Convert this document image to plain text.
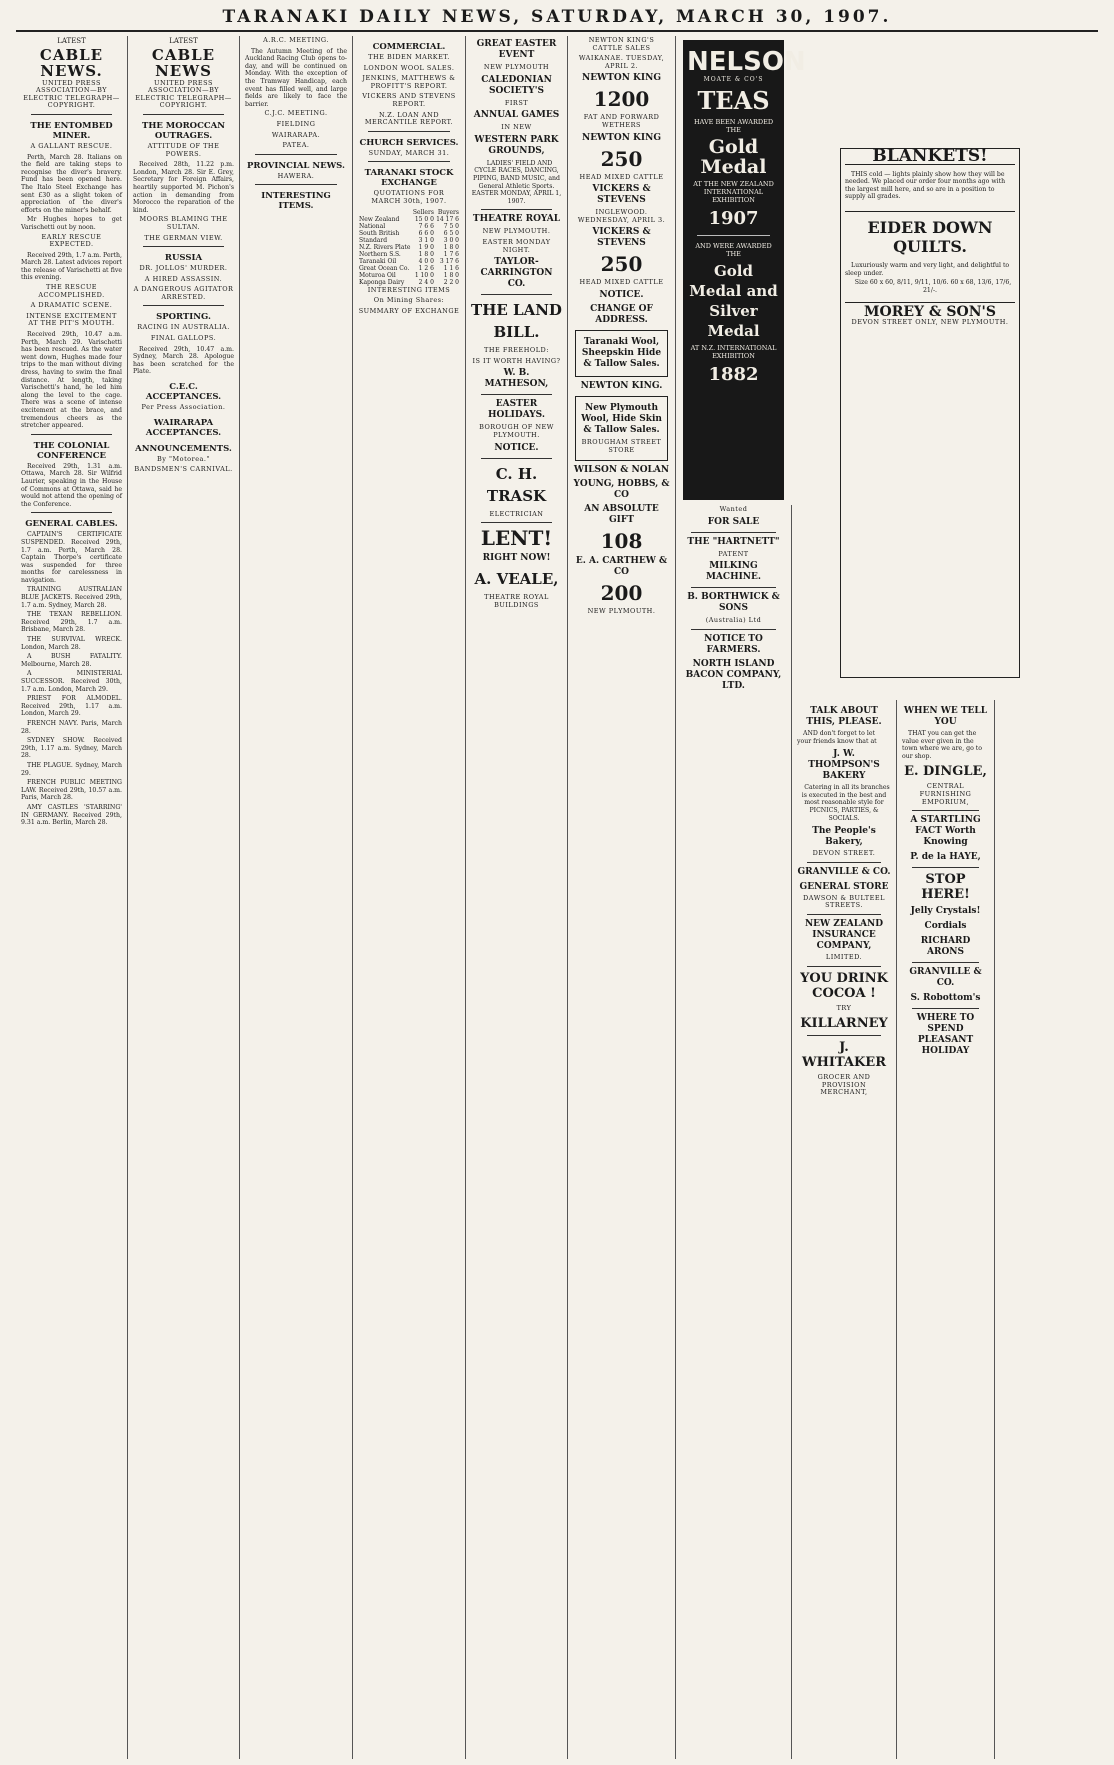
TARANAKI DAILY NEWS, SATURDAY, MARCH 30, 1907.
LATEST
CABLE NEWS.
UNITED PRESS ASSOCIATION—BY ELECTRIC TELEGRAPH—COPYRIGHT.
THE ENTOMBED MINER.
A GALLANT RESCUE.

Perth, March 28. Italians on the field are taking steps to recognise the diver's bravery. Fund has been opened here. The Italo Steel Exchange has sent £30 as a slight token of appreciation of the diver's efforts on the miner's behalf.

Mr Hughes hopes to get Varischetti out by noon.

EARLY RESCUE EXPECTED.

Received 29th, 1.7 a.m. Perth, March 28. Latest advices report the release of Varischetti at five this evening.

THE RESCUE ACCOMPLISHED.
A DRAMATIC SCENE.
INTENSE EXCITEMENT AT THE PIT'S MOUTH.

Received 29th, 10.47 a.m. Perth, March 29. Varischetti has been rescued. As the water went down, Hughes made four trips to the man without diving dress, having to swim the final distance. At length, taking Varischetti's hand, he led him along the level to the cage. There was a scene of intense excitement at the brace, and tremendous cheers as the stretcher appeared.

THE COLONIAL CONFERENCE

Received 29th, 1.31 a.m. Ottawa, March 28. Sir Wilfrid Laurier, speaking in the House of Commons at Ottawa, said he would not attend the opening of the Conference.

GENERAL CABLES.

CAPTAIN'S CERTIFICATE SUSPENDED. Received 29th, 1.7 a.m. Perth, March 28. Captain Thorpe's certificate was suspended for three months for carelessness in navigation.

TRAINING AUSTRALIAN BLUE JACKETS. Received 29th, 1.7 a.m. Sydney, March 28.

THE TEXAN REBELLION. Received 29th, 1.7 a.m. Brisbane, March 28.

THE SURVIVAL WRECK. London, March 28.

A BUSH FATALITY. Melbourne, March 28.

A MINISTERIAL SUCCESSOR. Received 30th, 1.7 a.m. London, March 29.

PRIEST FOR ALMODEL. Received 29th, 1.17 a.m. London, March 29.

FRENCH NAVY. Paris, March 28.

SYDNEY SHOW. Received 29th, 1.17 a.m. Sydney, March 28.

THE PLAGUE. Sydney, March 29.

FRENCH PUBLIC MEETING LAW. Received 29th, 10.57 a.m. Paris, March 28.

AMY CASTLES 'STARRING' IN GERMANY. Received 29th, 9.31 a.m. Berlin, March 28.

LATEST
CABLE NEWS
UNITED PRESS ASSOCIATION—BY ELECTRIC TELEGRAPH—COPYRIGHT.
THE MOROCCAN OUTRAGES.
ATTITUDE OF THE POWERS.

Received 28th, 11.22 p.m. London, March 28. Sir E. Grey, Secretary for Foreign Affairs, heartily supported M. Pichon's action in demanding from Morocco the reparation of the kind.

MOORS BLAMING THE SULTAN.
THE GERMAN VIEW.
RUSSIA
DR. JOLLOS' MURDER.
A HIRED ASSASSIN.
A DANGEROUS AGITATOR ARRESTED.
SPORTING.
RACING IN AUSTRALIA.
FINAL GALLOPS.

Received 29th, 10.47 a.m. Sydney, March 28. Apologue has been scratched for the Plate.

C.E.C. ACCEPTANCES.
Per Press Association.
WAIRARAPA ACCEPTANCES.
ANNOUNCEMENTS.
By "Motorea."
BANDSMEN'S CARNIVAL.
A.R.C. MEETING.

The Autumn Meeting of the Auckland Racing Club opens to-day, and will be continued on Monday. With the exception of the Tramway Handicap, each event has filled well, and large fields are likely to face the barrier.

C.J.C. MEETING.
FIELDING
WAIRARAPA.
PATEA.
PROVINCIAL NEWS.
HAWERA.
INTERESTING ITEMS.
COMMERCIAL.
THE BIDEN MARKET.
LONDON WOOL SALES.
JENKINS, MATTHEWS & PROFITT'S REPORT.
VICKERS AND STEVENS REPORT.
N.Z. LOAN AND MERCANTILE REPORT.
CHURCH SERVICES.
SUNDAY, MARCH 31.
TARANAKI STOCK EXCHANGE
QUOTATIONS FOR MARCH 30th, 1907.
	Sellers	Buyers
New Zealand	15 0 0	14 17 6
National	7 6 6	7 5 0
South British	6 6 0	6 5 0
Standard	3 1 0	3 0 0
N.Z. Rivers Plate	1 9 0	1 8 0
Northern S.S.	1 8 0	1 7 6
Taranaki Oil	4 0 0	3 17 6
Great Ocean Co.	1 2 6	1 1 6
Moturoa Oil	1 10 0	1 8 0
Kaponga Dairy	2 4 0	2 2 0
INTERESTING ITEMS
On Mining Shares:
SUMMARY OF EXCHANGE
GREAT EASTER EVENT
NEW PLYMOUTH
CALEDONIAN SOCIETY'S
FIRST
ANNUAL GAMES
IN NEW
WESTERN PARK GROUNDS,

LADIES' FIELD AND CYCLE RACES, DANCING, PIPING, BAND MUSIC, and General Athletic Sports. EASTER MONDAY, APRIL 1, 1907.

THEATRE ROYAL
NEW PLYMOUTH.
EASTER MONDAY NIGHT.
TAYLOR-CARRINGTON CO.
THE LAND BILL.
THE FREEHOLD:
IS IT WORTH HAVING?
W. B. MATHESON,
EASTER HOLIDAYS.
BOROUGH OF NEW PLYMOUTH.
NOTICE.
C. H. TRASK
ELECTRICIAN
LENT!
RIGHT NOW!
A. VEALE,
THEATRE ROYAL BUILDINGS
NEWTON KING'S CATTLE SALES
WAIKANAE. TUESDAY, APRIL 2.
NEWTON KING
1200
FAT AND FORWARD WETHERS
NEWTON KING
250
HEAD MIXED CATTLE
VICKERS & STEVENS
INGLEWOOD. WEDNESDAY, APRIL 3.
VICKERS & STEVENS
250
HEAD MIXED CATTLE
NOTICE.
CHANGE OF ADDRESS.
Taranaki Wool, Sheepskin Hide & Tallow Sales.
NEWTON KING.
New Plymouth Wool, Hide Skin & Tallow Sales.
BROUGHAM STREET STORE
WILSON & NOLAN
YOUNG, HOBBS, & CO
AN ABSOLUTE GIFT
108
E. A. CARTHEW & CO
200
NEW PLYMOUTH.
Wanted
FOR SALE
THE "HARTNETT"
PATENT
MILKING MACHINE.
B. BORTHWICK & SONS
(Australia) Ltd
NOTICE TO FARMERS.
NORTH ISLAND BACON COMPANY, LTD.
NELSON
MOATE & CO'S
TEAS
HAVE BEEN AWARDED THE
Gold Medal
AT THE NEW ZEALAND INTERNATIONAL EXHIBITION
1907
AND WERE AWARDED THE
Gold Medal and Silver Medal
AT N.Z. INTERNATIONAL EXHIBITION
1882
BLANKETS!

THIS cold — lights plainly show how they will be needed. We placed our order four months ago with the largest mill here, and so are in a position to supply all grades.

EIDER DOWN QUILTS.

Luxuriously warm and very light, and delightful to sleep under.

Size 60 x 60, 8/11, 9/11, 10/6. 60 x 68, 13/6, 17/6, 21/-.

MOREY & SON'S
DEVON STREET ONLY, NEW PLYMOUTH.
TALK ABOUT THIS, PLEASE.

AND don't forget to let your friends know that at

J. W. THOMPSON'S BAKERY

Catering in all its branches is executed in the best and most reasonable style for PICNICS, PARTIES, & SOCIALS.

The People's Bakery,
DEVON STREET.
GRANVILLE & CO.
GENERAL STORE
DAWSON & BULTEEL STREETS.
NEW ZEALAND INSURANCE COMPANY,
LIMITED.
YOU DRINK COCOA !
TRY
KILLARNEY
J. WHITAKER
GROCER AND PROVISION MERCHANT,
WHEN WE TELL YOU

THAT you can get the value ever given in the town where we are, go to our shop.

E. DINGLE,
CENTRAL FURNISHING EMPORIUM,
A STARTLING FACT Worth Knowing
P. de la HAYE,
STOP HERE!
Jelly Crystals!
Cordials
RICHARD ARONS
GRANVILLE & CO.
S. Robottom's
WHERE TO SPEND PLEASANT HOLIDAY
